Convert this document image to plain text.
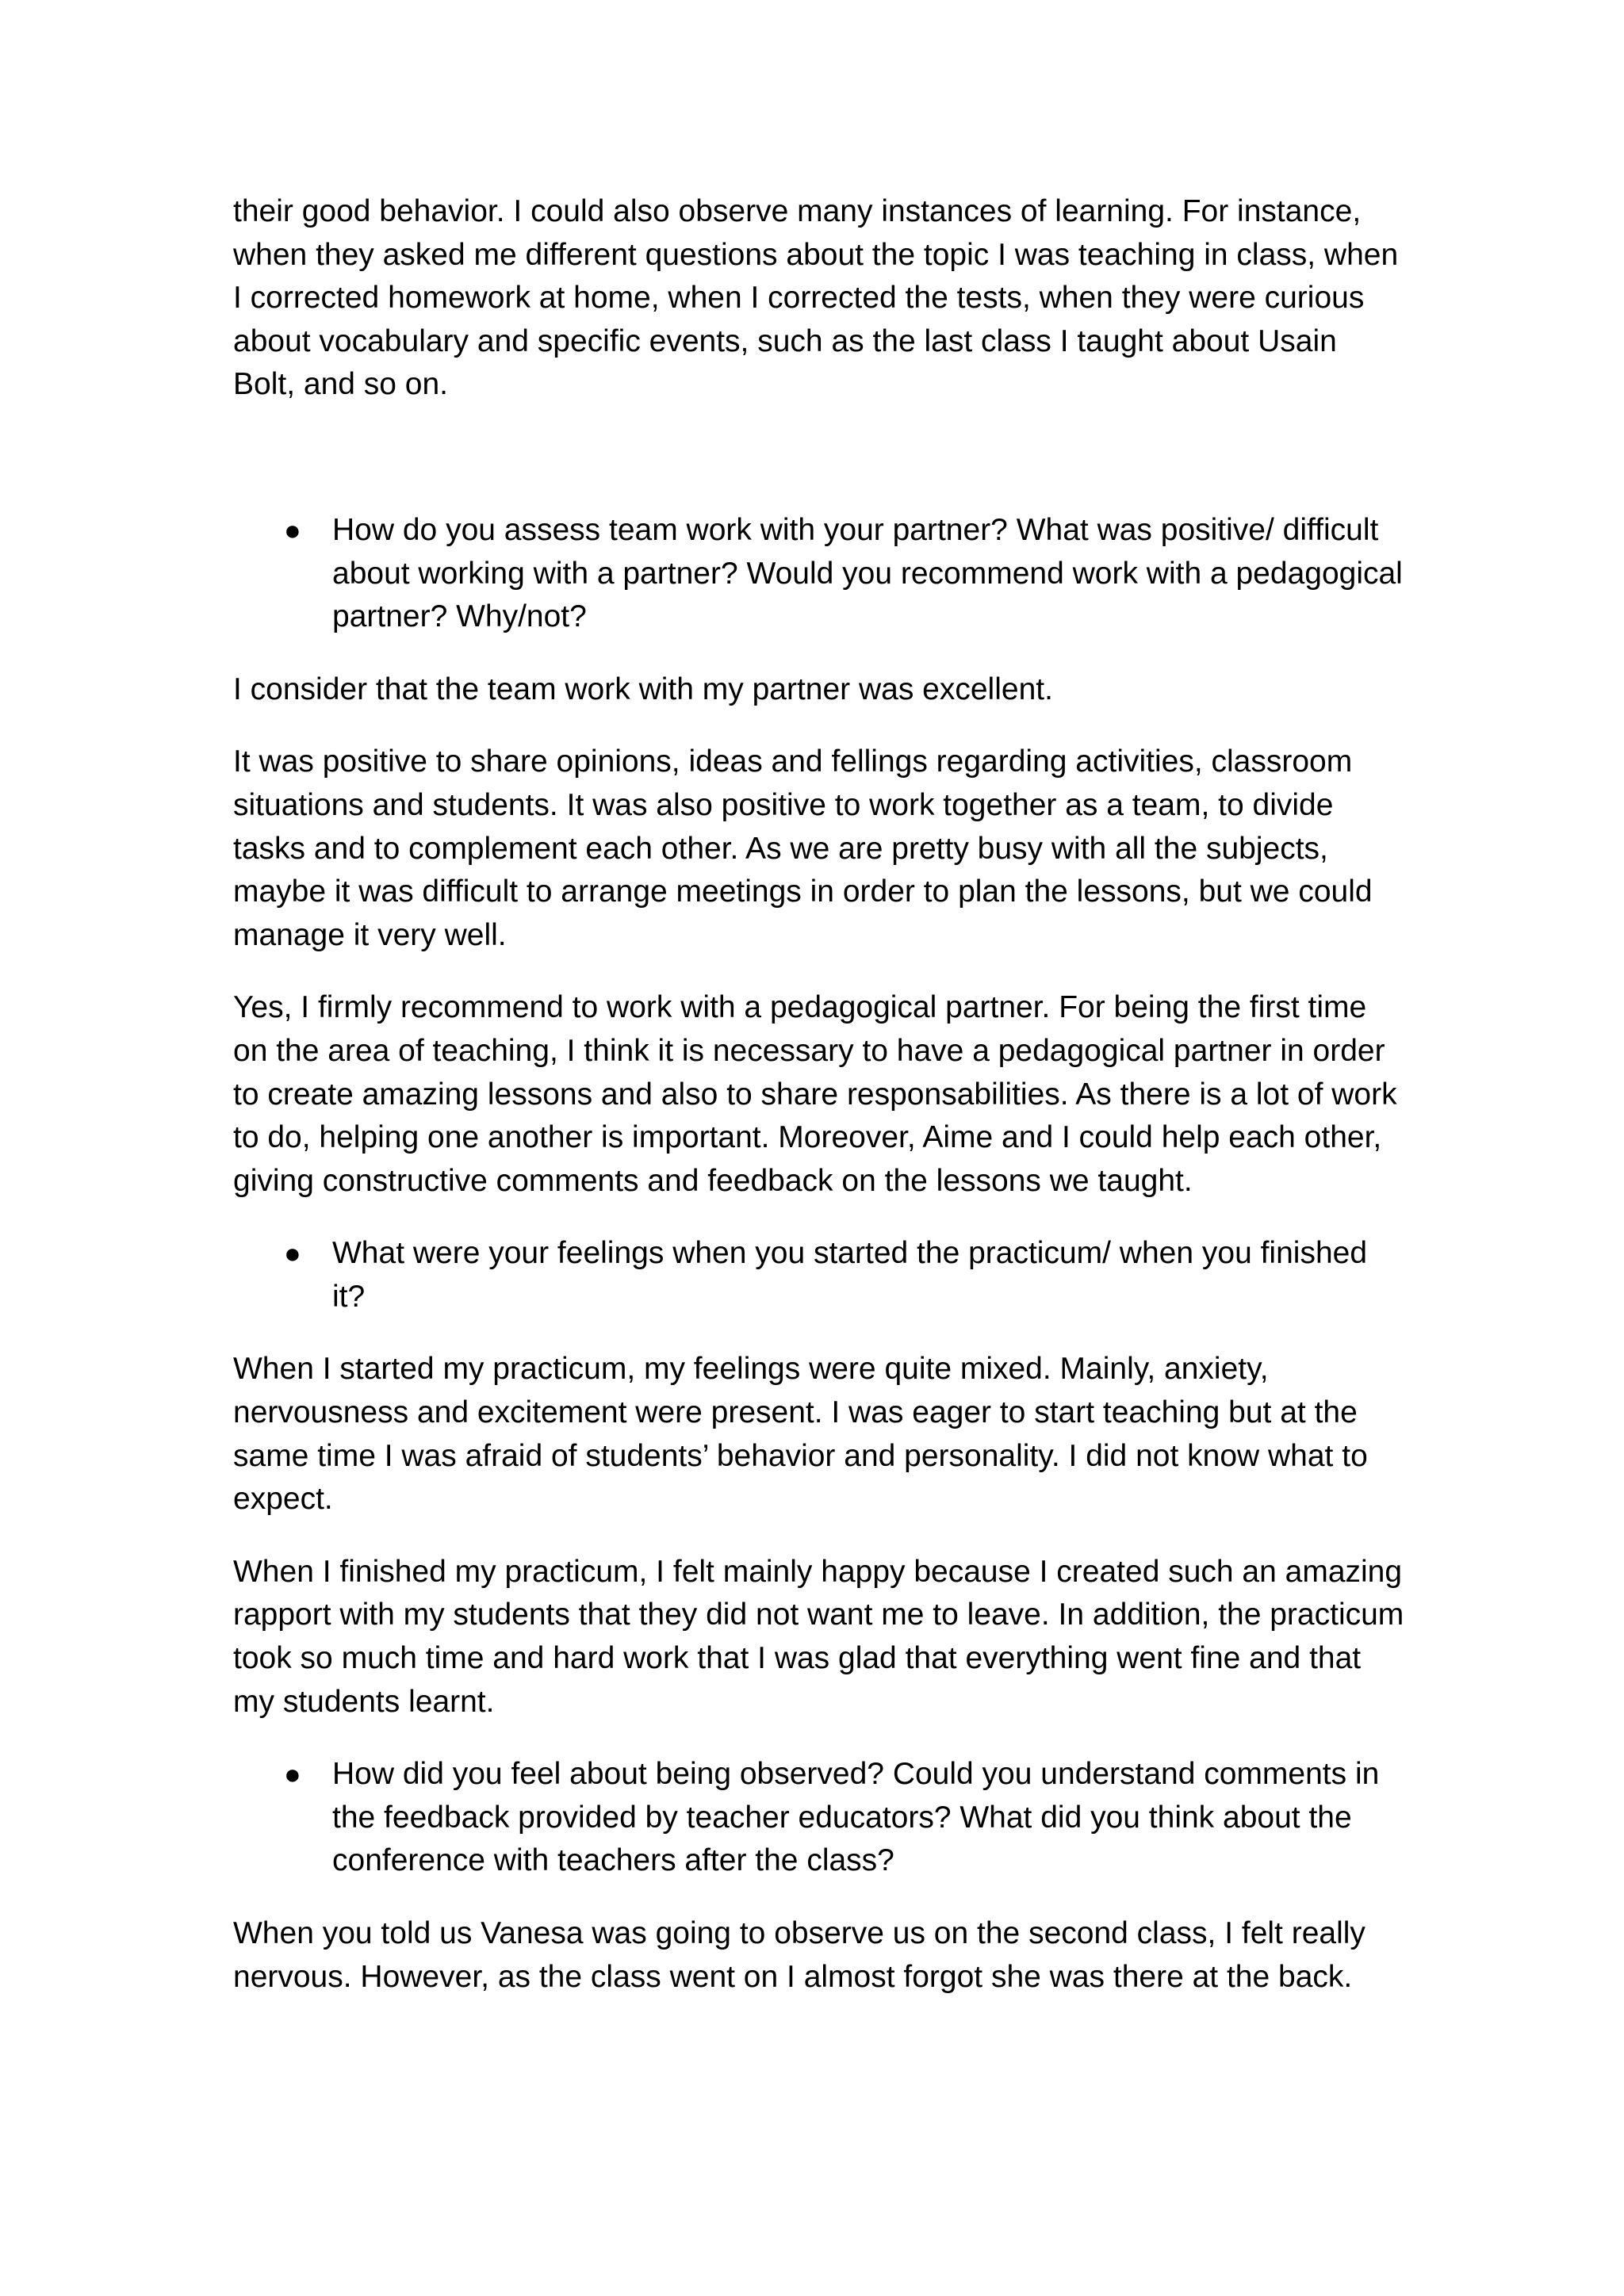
their good behavior. I could also observe many instances of learning. For instance, when they asked me different questions about the topic I was teaching in class, when I corrected homework at home, when I corrected the tests, when they were curious about vocabulary and specific events, such as the last class I taught about Usain Bolt, and so on.

● How do you assess team work with your partner? What was positive/ difficult about working with a partner? Would you recommend work with a pedagogical partner? Why/not?

I consider that the team work with my partner was excellent.

It was positive to share opinions, ideas and fellings regarding activities, classroom situations and students. It was also positive to work together as a team, to divide tasks and to complement each other. As we are pretty busy with all the subjects, maybe it was difficult to arrange meetings in order to plan the lessons, but we could manage it very well.

Yes, I firmly recommend to work with a pedagogical partner. For being the first time on the area of teaching, I think it is necessary to have a pedagogical partner in order to create amazing lessons and also to share responsabilities. As there is a lot of work to do, helping one another is important. Moreover, Aime and I could help each other, giving constructive comments and feedback on the lessons we taught.

● What were your feelings when you started the practicum/ when you finished it?

When I started my practicum, my feelings were quite mixed. Mainly, anxiety, nervousness and excitement were present. I was eager to start teaching but at the same time I was afraid of students’ behavior and personality. I did not know what to expect.

When I finished my practicum, I felt mainly happy because I created such an amazing rapport with my students that they did not want me to leave. In addition, the practicum took so much time and hard work that I was glad that everything went fine and that my students learnt.

● How did you feel about being observed? Could you understand comments in the feedback provided by teacher educators? What did you think about the conference with teachers after the class?

When you told us Vanesa was going to observe us on the second class, I felt really nervous. However, as the class went on I almost forgot she was there at the back.
